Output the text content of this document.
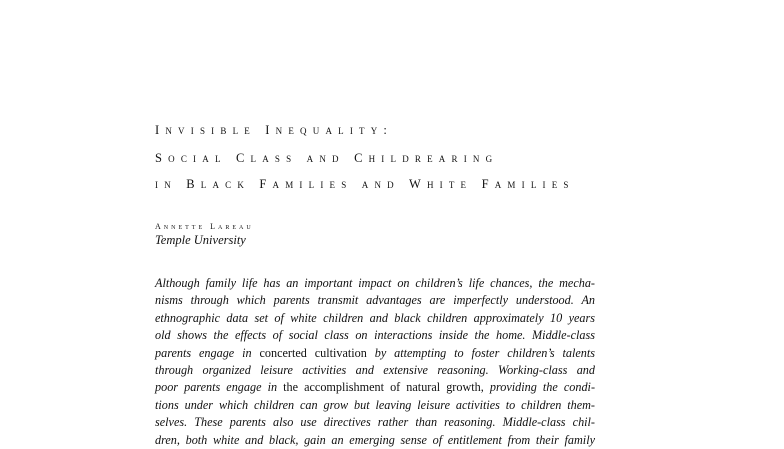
Invisible Inequality:
Social Class and Childrearing
in Black Families and White Families
Annette Lareau
Temple University
Although family life has an important impact on children’s life chances, the mecha-
nisms through which parents transmit advantages are imperfectly understood. An
ethnographic data set of white children and black children approximately 10 years
old shows the effects of social class on interactions inside the home. Middle-class
parents engage in concerted cultivation by attempting to foster children’s talents
through organized leisure activities and extensive reasoning. Working-class and
poor parents engage in the accomplishment of natural growth, providing the condi-
tions under which children can grow but leaving leisure activities to children them-
selves. These parents also use directives rather than reasoning. Middle-class chil-
dren, both white and black, gain an emerging sense of entitlement from their family
